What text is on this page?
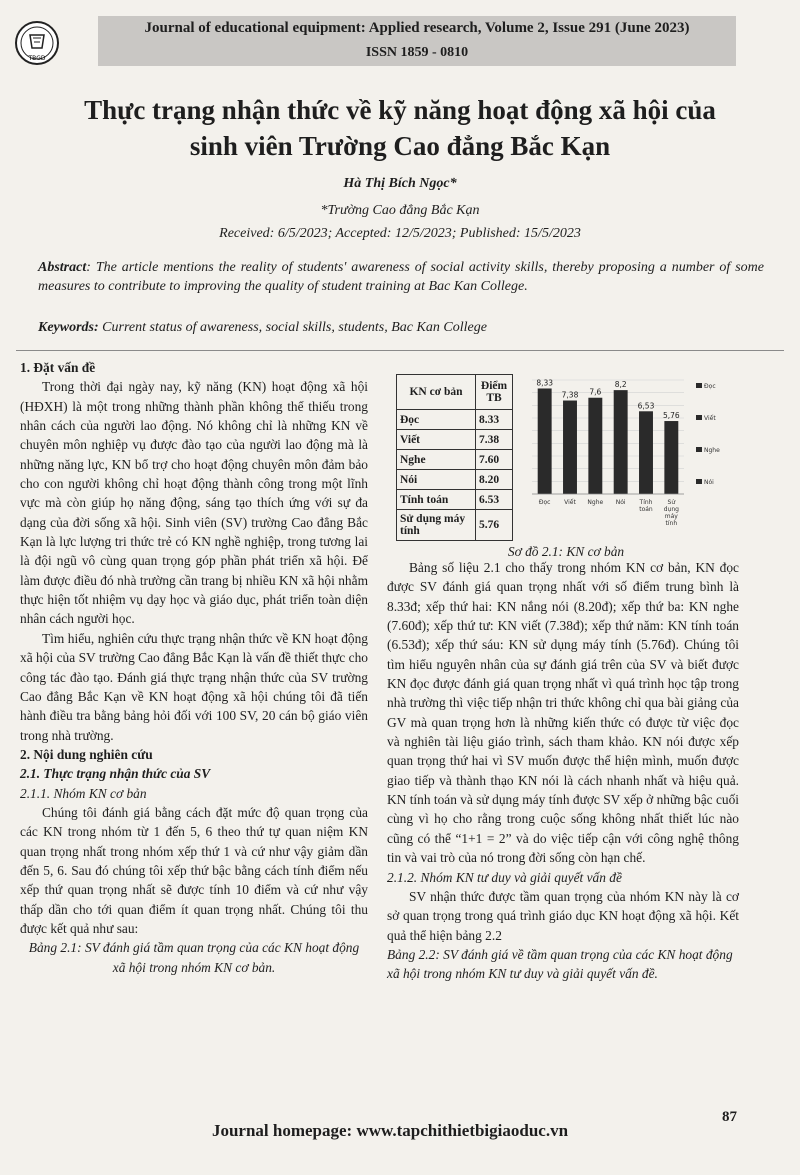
TBGD
Journal of educational equipment: Applied research, Volume 2, Issue 291 (June 2023)
ISSN 1859 - 0810
Thực trạng nhận thức về kỹ năng hoạt động xã hội của
sinh viên Trường Cao đẳng Bắc Kạn
Hà Thị Bích Ngọc*
*Trường Cao đẳng Bắc Kạn
Received: 6/5/2023; Accepted: 12/5/2023; Published: 15/5/2023
Abstract: The article mentions the reality of students' awareness of social activity skills, thereby proposing a number of some measures to contribute to improving the quality of student training at Bac Kan College.
Keywords: Current status of awareness, social skills, students, Bac Kan College

1. Đặt vấn đề

Trong thời đại ngày nay, kỹ năng (KN) hoạt động xã hội (HĐXH) là một trong những thành phần không thể thiếu trong nhân cách của người lao động. Nó không chỉ là những KN về chuyên môn nghiệp vụ được đào tạo của người lao động mà là những năng lực, KN bổ trợ cho hoạt động chuyên môn đảm bảo cho con người không chỉ hoạt động thành công trong một lĩnh vực mà còn giúp họ năng động, sáng tạo thích ứng với sự đa dạng của đời sống xã hội. Sinh viên (SV) trường Cao đẳng Bắc Kạn là lực lượng tri thức trẻ có KN nghề nghiệp, trong tương lai là đội ngũ vô cùng quan trọng góp phần phát triển xã hội. Để làm được điều đó nhà trường cần trang bị nhiều KN xã hội nhằm thực hiện tốt nhiệm vụ dạy học và giáo dục, phát triển toàn diện nhân cách người học.

Tìm hiểu, nghiên cứu thực trạng nhận thức về KN hoạt động xã hội của SV trường Cao đẳng Bắc Kạn là vấn đề thiết thực cho công tác đào tạo. Đánh giá thực trạng nhận thức của SV trường Cao đẳng Bắc Kạn về KN hoạt động xã hội chúng tôi đã tiến hành điều tra bằng bảng hỏi đối với 100 SV, 20 cán bộ giáo viên trong nhà trường.

2. Nội dung nghiên cứu

2.1. Thực trạng nhận thức của SV

2.1.1. Nhóm KN cơ bản

Chúng tôi đánh giá bằng cách đặt mức độ quan trọng của các KN trong nhóm từ 1 đến 5, 6 theo thứ tự quan niệm KN quan trọng nhất trong nhóm xếp thứ 1 và cứ như vậy giảm dần đến 5, 6. Sau đó chúng tôi xếp thứ bậc bằng cách tính điểm nếu xếp thứ quan trọng nhất sẽ được tính 10 điểm và cứ như vậy thấp dần cho tới quan điểm ít quan trọng nhất. Chúng tôi thu được kết quả như sau:

Bảng 2.1: SV đánh giá tầm quan trọng của các KN hoạt động xã hội trong nhóm KN cơ bản.

KN cơ bản	Điểm TB
Đọc	8.33
Viết	7.38
Nghe	7.60
Nói	8.20
Tính toán	6.53
Sử dụng máy tính	5.76
8,33
Đọc
7,38
Viết
7,6
Nghe
8,2
Nói
6,53
Tính
toán
5,76
Sử
dụng
máy
tính
Đọc
Viết
Nghe
Nói
Sơ đồ 2.1: KN cơ bản

Bảng số liệu 2.1 cho thấy trong nhóm KN cơ bản, KN đọc được SV đánh giá quan trọng nhất với số điểm trung bình là 8.33đ; xếp thứ hai: KN nắng nói (8.20đ); xếp thứ ba: KN nghe (7.60đ); xếp thứ tư: KN viết (7.38đ); xếp thứ năm: KN tính toán (6.53đ); xếp thứ sáu: KN sử dụng máy tính (5.76đ). Chúng tôi tìm hiểu nguyên nhân của sự đánh giá trên của SV và biết được KN đọc được đánh giá quan trọng nhất vì quá trình học tập trong nhà trường thì việc tiếp nhận tri thức không chỉ qua bài giảng của GV mà quan trọng hơn là những kiến thức có được từ việc đọc và nghiên tài liệu giáo trình, sách tham khảo. KN nói được xếp quan trọng thứ hai vì SV muốn được thể hiện mình, muốn được giao tiếp và thành thạo KN nói là cách nhanh nhất và hiệu quả. KN tính toán và sử dụng máy tính được SV xếp ở những bậc cuối cùng vì họ cho rằng trong cuộc sống không nhất thiết lúc nào cũng có thể “1+1 = 2” và do việc tiếp cận với công nghệ thông tin và vai trò của nó trong đời sống còn hạn chế.

2.1.2. Nhóm KN tư duy và giải quyết vấn đề

SV nhận thức được tầm quan trọng của nhóm KN này là cơ sở quan trọng trong quá trình giáo dục KN hoạt động xã hội. Kết quả thể hiện bảng 2.2

Bảng 2.2: SV đánh giá về tầm quan trọng của các KN hoạt động xã hội trong nhóm KN tư duy và giải quyết vấn đề.

Journal homepage: www.tapchithietbigiaoduc.vn
87
